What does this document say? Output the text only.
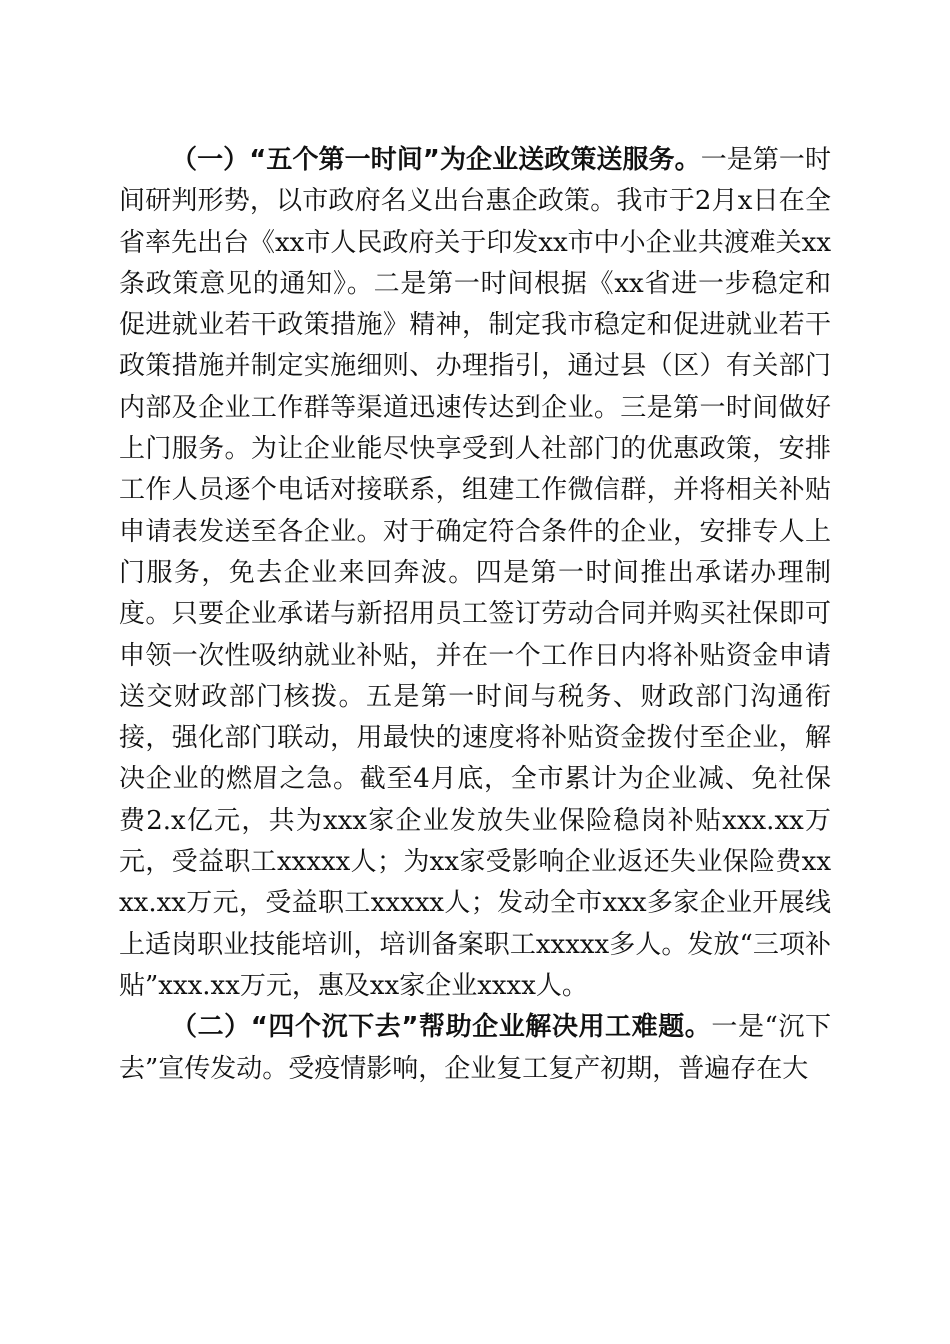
（一）“五个第一时间”为企业送政策送服务。一是第一时间研判形势，以市政府名义出台惠企政策。我市于2月x日在全省率先出台《xx市人民政府关于印发xx市中小企业共渡难关xx条政策意见的通知》。二是第一时间根据《xx省进一步稳定和促进就业若干政策措施》精神，制定我市稳定和促进就业若干政策措施并制定实施细则、办理指引，通过县（区）有关部门内部及企业工作群等渠道迅速传达到企业。三是第一时间做好上门服务。为让企业能尽快享受到人社部门的优惠政策，安排工作人员逐个电话对接联系，组建工作微信群，并将相关补贴申请表发送至各企业。对于确定符合条件的企业，安排专人上门服务，免去企业来回奔波。四是第一时间推出承诺办理制度。只要企业承诺与新招用员工签订劳动合同并购买社保即可申领一次性吸纳就业补贴，并在一个工作日内将补贴资金申请送交财政部门核拨。五是第一时间与税务、财政部门沟通衔接，强化部门联动，用最快的速度将补贴资金拨付至企业，解决企业的燃眉之急。截至4月底，全市累计为企业减、免社保费2.x亿元，共为xxx家企业发放失业保险稳岗补贴xxx.xx万元，受益职工xxxxx人；为xx家受影响企业返还失业保险费xxxx.xx万元，受益职工xxxxx人；发动全市xxx多家企业开展线上适岗职业技能培训，培训备案职工xxxxx多人。发放“三项补贴”xxx.xx万元，惠及xx家企业xxxx人。

（二）“四个沉下去”帮助企业解决用工难题。一是“沉下去”宣传发动。受疫情影响，企业复工复产初期，普遍存在大
